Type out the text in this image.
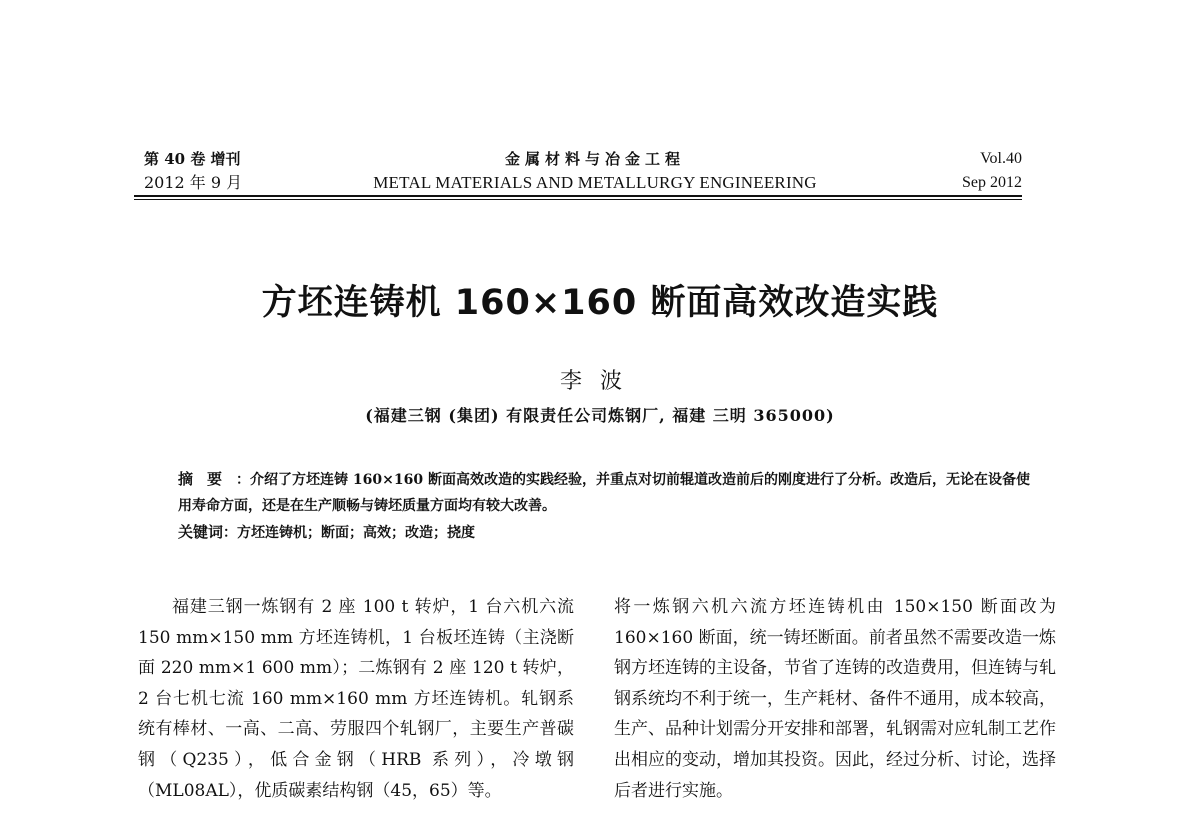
第 40 卷 增刊
2012 年 9 月
金属材料与冶金工程
METAL MATERIALS AND METALLURGY ENGINEERING
Vol.40
Sep 2012
方坯连铸机 160×160 断面高效改造实践
李波
(福建三钢 (集团) 有限责任公司炼钢厂, 福建 三明 365000)
摘要：介绍了方坯连铸 160×160 断面高效改造的实践经验，并重点对切前辊道改造前后的刚度进行了分析。改造后，无论在设备使用寿命方面，还是在生产顺畅与铸坯质量方面均有较大改善。
关键词：方坯连铸机；断面；高效；改造；挠度
福建三钢一炼钢有 2 座 100 t 转炉，1 台六机六流 150 mm×150 mm 方坯连铸机，1 台板坯连铸（主浇断面 220 mm×1 600 mm）；二炼钢有 2 座 120 t 转炉，2 台七机七流 160 mm×160 mm 方坯连铸机。轧钢系统有棒材、一高、二高、劳服四个轧钢厂，主要生产普碳钢（Q235），低合金钢（HRB 系列），冷墩钢（ML08AL），优质碳素结构钢（45，65）等。
将一炼钢六机六流方坯连铸机由 150×150 断面改为 160×160 断面，统一铸坯断面。前者虽然不需要改造一炼钢方坯连铸的主设备，节省了连铸的改造费用，但连铸与轧钢系统均不利于统一，生产耗材、备件不通用，成本较高，生产、品种计划需分开安排和部署，轧钢需对应轧制工艺作出相应的变动，增加其投资。因此，经过分析、讨论，选择后者进行实施。
